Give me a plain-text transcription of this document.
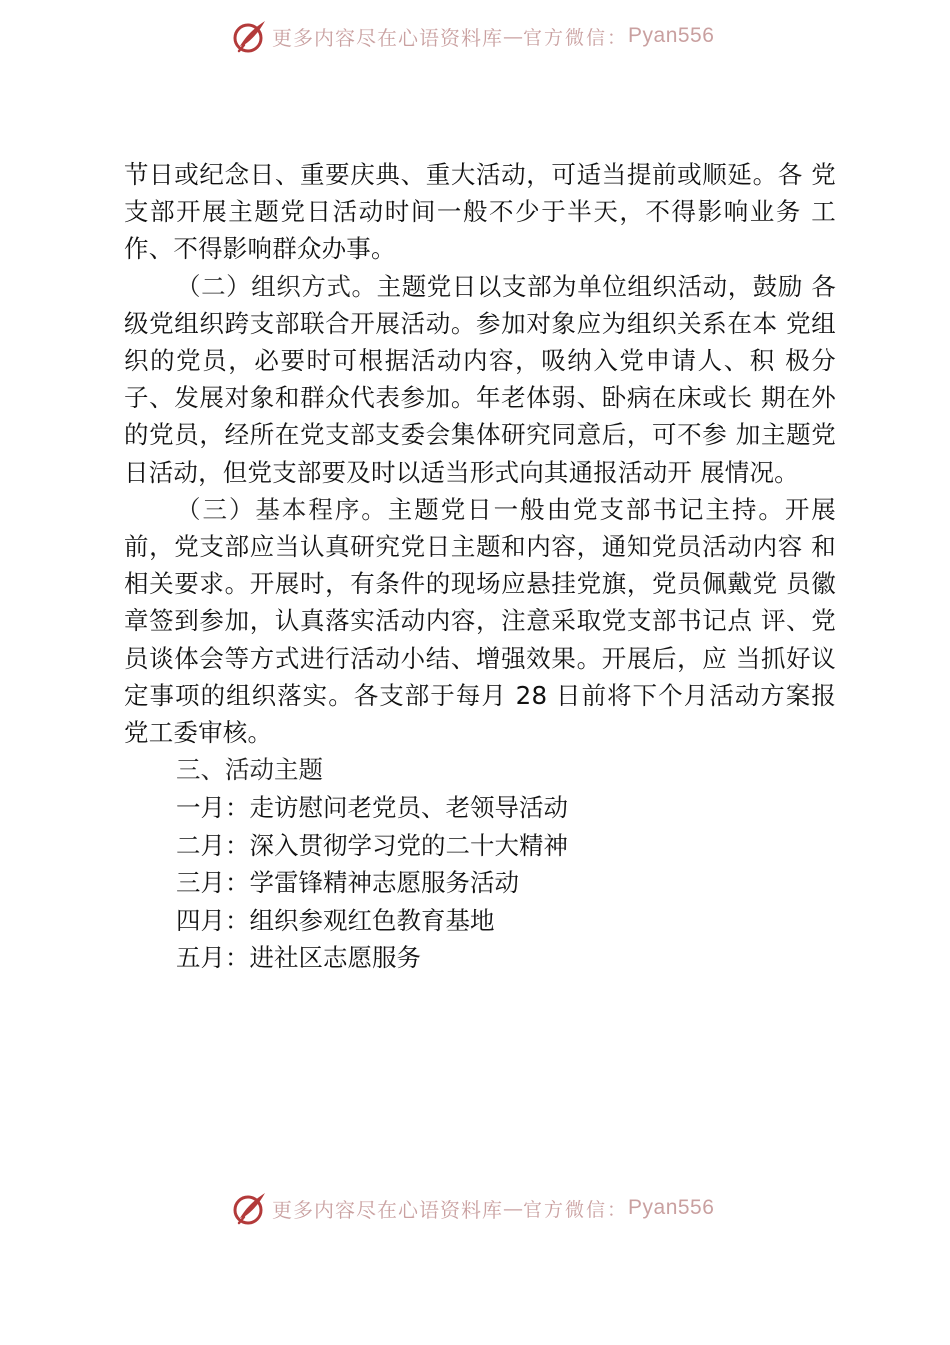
更多内容尽在心语资料库 — 官方微信： Pyan556

节日或纪念日、重要庆典、重大活动，可适当提前或顺延。各 党支部开展主题党日活动时间一般不少于半天，不得影响业务 工作、不得影响群众办事。

（二）组织方式。主题党日以支部为单位组织活动，鼓励 各级党组织跨支部联合开展活动。参加对象应为组织关系在本 党组织的党员，必要时可根据活动内容，吸纳入党申请人、积 极分子、发展对象和群众代表参加。年老体弱、卧病在床或长 期在外的党员，经所在党支部支委会集体研究同意后，可不参 加主题党日活动，但党支部要及时以适当形式向其通报活动开 展情况。

（三）基本程序。主题党日一般由党支部书记主持。开展 前，党支部应当认真研究党日主题和内容，通知党员活动内容 和相关要求。开展时，有条件的现场应悬挂党旗，党员佩戴党 员徽章签到参加，认真落实活动内容，注意采取党支部书记点 评、党员谈体会等方式进行活动小结、增强效果。开展后，应 当抓好议定事项的组织落实。各支部于每月 28 日前将下个月活动方案报党工委审核。

三、活动主题

一月：走访慰问老党员、老领导活动

二月：深入贯彻学习党的二十大精神

三月：学雷锋精神志愿服务活动

四月：组织参观红色教育基地

五月：进社区志愿服务

更多内容尽在心语资料库 — 官方微信： Pyan556
